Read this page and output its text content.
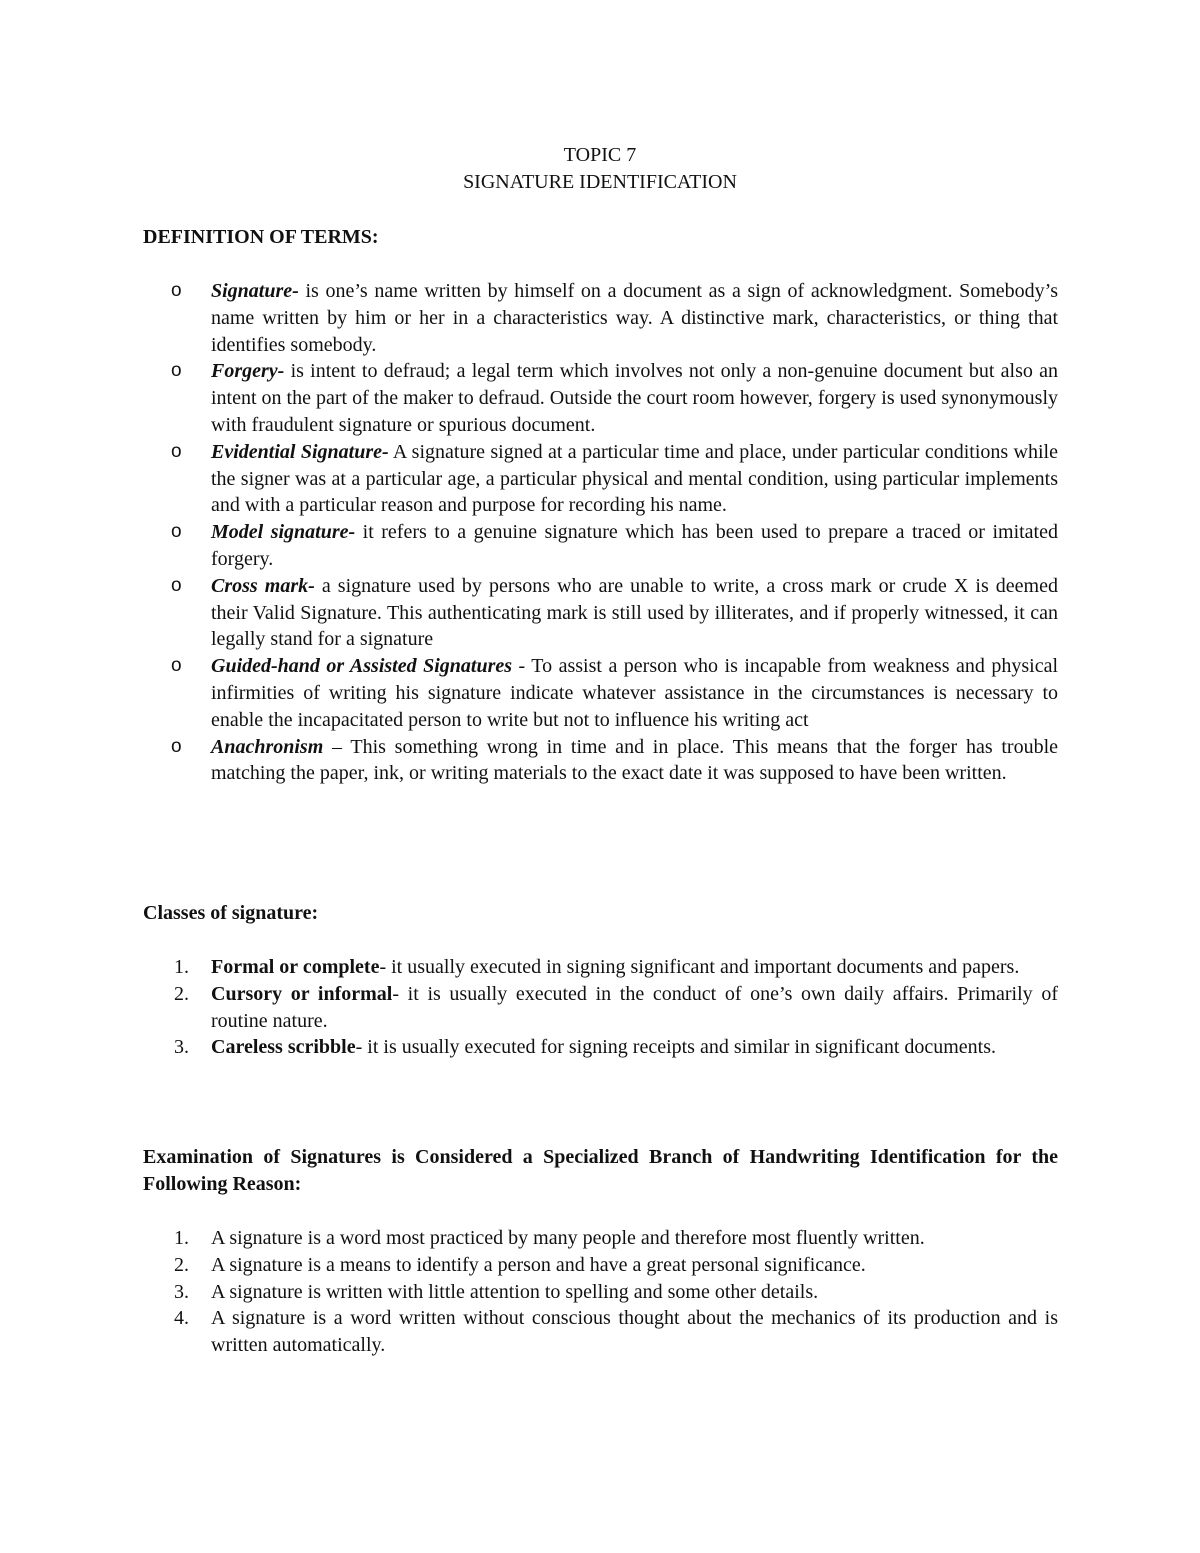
TOPIC 7

SIGNATURE IDENTIFICATION

DEFINITION OF TERMS:

o Signature- is one’s name written by himself on a document as a sign of acknowledgment. Somebody’s name written by him or her in a characteristics way. A distinctive mark, characteristics, or thing that identifies somebody.
o Forgery- is intent to defraud; a legal term which involves not only a non-genuine document but also an intent on the part of the maker to defraud. Outside the court room however, forgery is used synonymously with fraudulent signature or spurious document.
o Evidential Signature- A signature signed at a particular time and place, under particular conditions while the signer was at a particular age, a particular physical and mental condition, using particular implements and with a particular reason and purpose for recording his name.
o Model signature- it refers to a genuine signature which has been used to prepare a traced or imitated forgery.
o Cross mark- a signature used by persons who are unable to write, a cross mark or crude X is deemed their Valid Signature. This authenticating mark is still used by illiterates, and if properly witnessed, it can legally stand for a signature
o Guided-hand or Assisted Signatures - To assist a person who is incapable from weakness and physical infirmities of writing his signature indicate whatever assistance in the circumstances is necessary to enable the incapacitated person to write but not to influence his writing act
o Anachronism – This something wrong in time and in place. This means that the forger has trouble matching the paper, ink, or writing materials to the exact date it was supposed to have been written.

Classes of signature:

1. Formal or complete- it usually executed in signing significant and important documents and papers.
2. Cursory or informal- it is usually executed in the conduct of one’s own daily affairs. Primarily of routine nature.
3. Careless scribble- it is usually executed for signing receipts and similar in significant documents.

Examination of Signatures is Considered a Specialized Branch of Handwriting Identification for the Following Reason:

1. A signature is a word most practiced by many people and therefore most fluently written.
2. A signature is a means to identify a person and have a great personal significance.
3. A signature is written with little attention to spelling and some other details.
4. A signature is a word written without conscious thought about the mechanics of its production and is written automatically.
